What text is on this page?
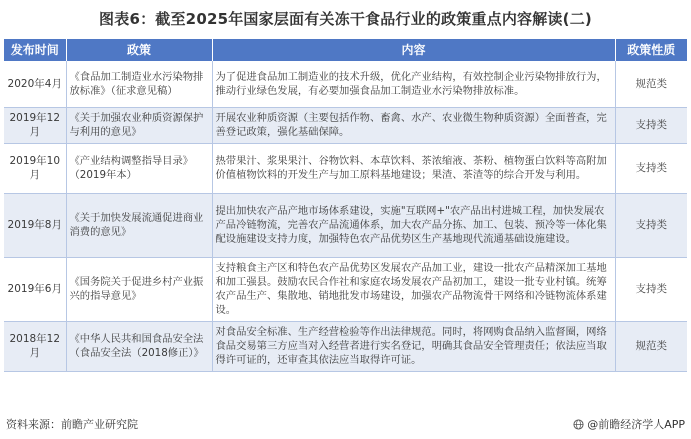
图表6：截至2025年国家层面有关冻干食品行业的政策重点内容解读(二)
发布时间	政策	内容	政策性质
2020年4月	《食品加工制造业水污染物排放标准》（征求意见稿）	为了促进食品加工制造业的技术升级，优化产业结构，有效控制企业污染物排放行为，推动行业绿色发展，有必要加强食品加工制造业水污染物排放标准。	规范类
2019年12月	《关于加强农业种质资源保护与利用的意见》	开展农业种质资源（主要包括作物、畜禽、水产、农业微生物种质资源）全面普查，完善登记政策，强化基础保障。	支持类
2019年10月	《产业结构调整指导目录》（2019年本）	热带果汁、浆果果汁、谷物饮料、本草饮料、茶浓缩液、茶粉、植物蛋白饮料等高附加价值植物饮料的开发生产与加工原料基地建设；果渣、茶渣等的综合开发与利用。	支持类
2019年8月	《关于加快发展流通促进商业消费的意见》	提出加快农产品产地市场体系建设，实施"互联网+"农产品出村进城工程，加快发展农产品冷链物流，完善农产品流通体系，加大农产品分拣、加工、包装、预冷等一体化集配设施建设支持力度，加强特色农产品优势区生产基地现代流通基础设施建设。	支持类
2019年6月	《国务院关于促进乡村产业振兴的指导意见》	支持粮食主产区和特色农产品优势区发展农产品加工业，建设一批农产品精深加工基地和加工强县。鼓励农民合作社和家庭农场发展农产品初加工，建设一批专业村镇。统筹农产品生产、集散地、销地批发市场建设，加强农产品物流骨干网络和冷链物流体系建设。	支持类
2018年12月	《中华人民共和国食品安全法（食品安全法（2018修正）》	对食品安全标准、生产经营检验等作出法律规范。同时，将网购食品纳入监督圈，网络食品交易第三方应当对入经营者进行实名登记，明确其食品安全管理责任；依法应当取得许可证的，还审查其依法应当取得许可证。	规范类
资料来源：前瞻产业研究院	@前瞻经济学人APP
